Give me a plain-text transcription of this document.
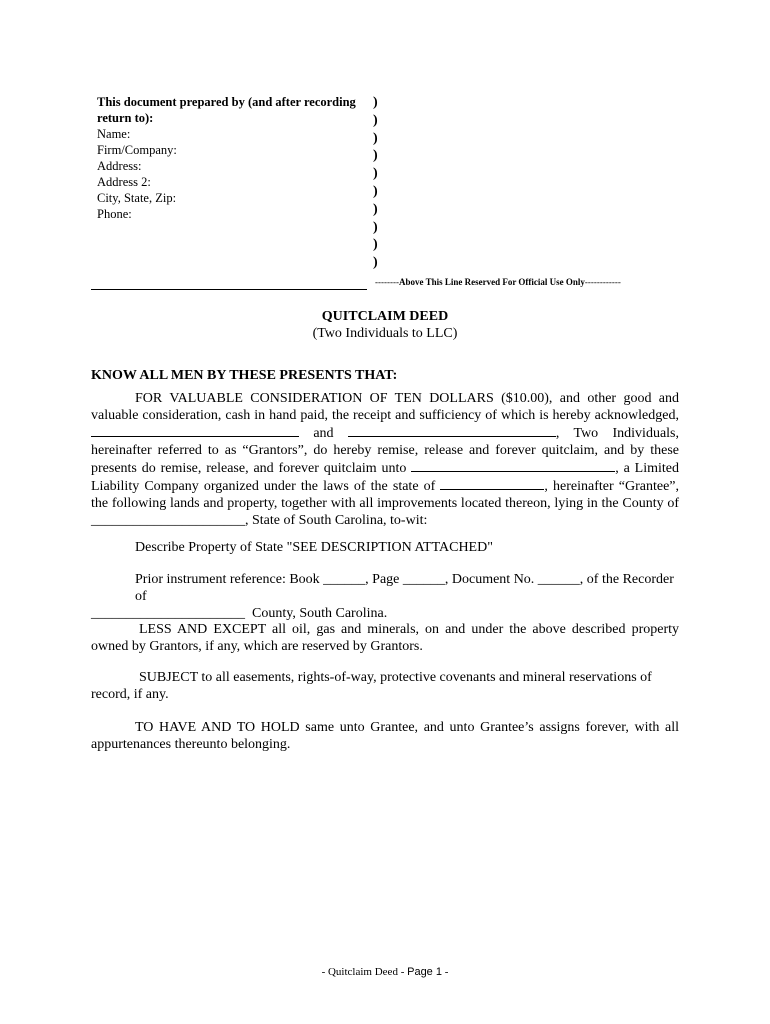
This document prepared by (and after recording
return to):
Name:
Firm/Company:
Address:
Address 2:
City, State, Zip:
Phone:
)
)
)
)
)
)
)
)
)
)
--------Above This Line Reserved For Official Use Only------------
QUITCLAIM DEED
(Two Individuals to LLC)
KNOW ALL MEN BY THESE PRESENTS THAT:
FOR VALUABLE CONSIDERATION OF TEN DOLLARS ($10.00), and other good and valuable consideration, cash in hand paid, the receipt and sufficiency of which is hereby acknowledged,  and	, Two Individuals, hereinafter referred to as “Grantors”, do hereby remise, release and forever quitclaim, and by these presents do remise, release, and forever quitclaim unto	, a Limited Liability Company organized under the laws of the state of	, hereinafter “Grantee”, the following lands and property, together with all improvements located thereon, lying in the County of ______________________, State of South Carolina, to-wit:
Describe Property of State "SEE DESCRIPTION ATTACHED"
Prior instrument reference: Book ______, Page ______, Document No. ______, of the Recorder of
______________________ County, South Carolina.
LESS AND EXCEPT all oil, gas and minerals, on and under the above described property owned by Grantors, if any, which are reserved by Grantors.
SUBJECT to all easements, rights-of-way, protective covenants and mineral reservations of
record, if any.
TO HAVE AND TO HOLD same unto Grantee, and unto Grantee’s assigns forever, with all appurtenances thereunto belonging.
- Quitclaim Deed - Page 1 -
